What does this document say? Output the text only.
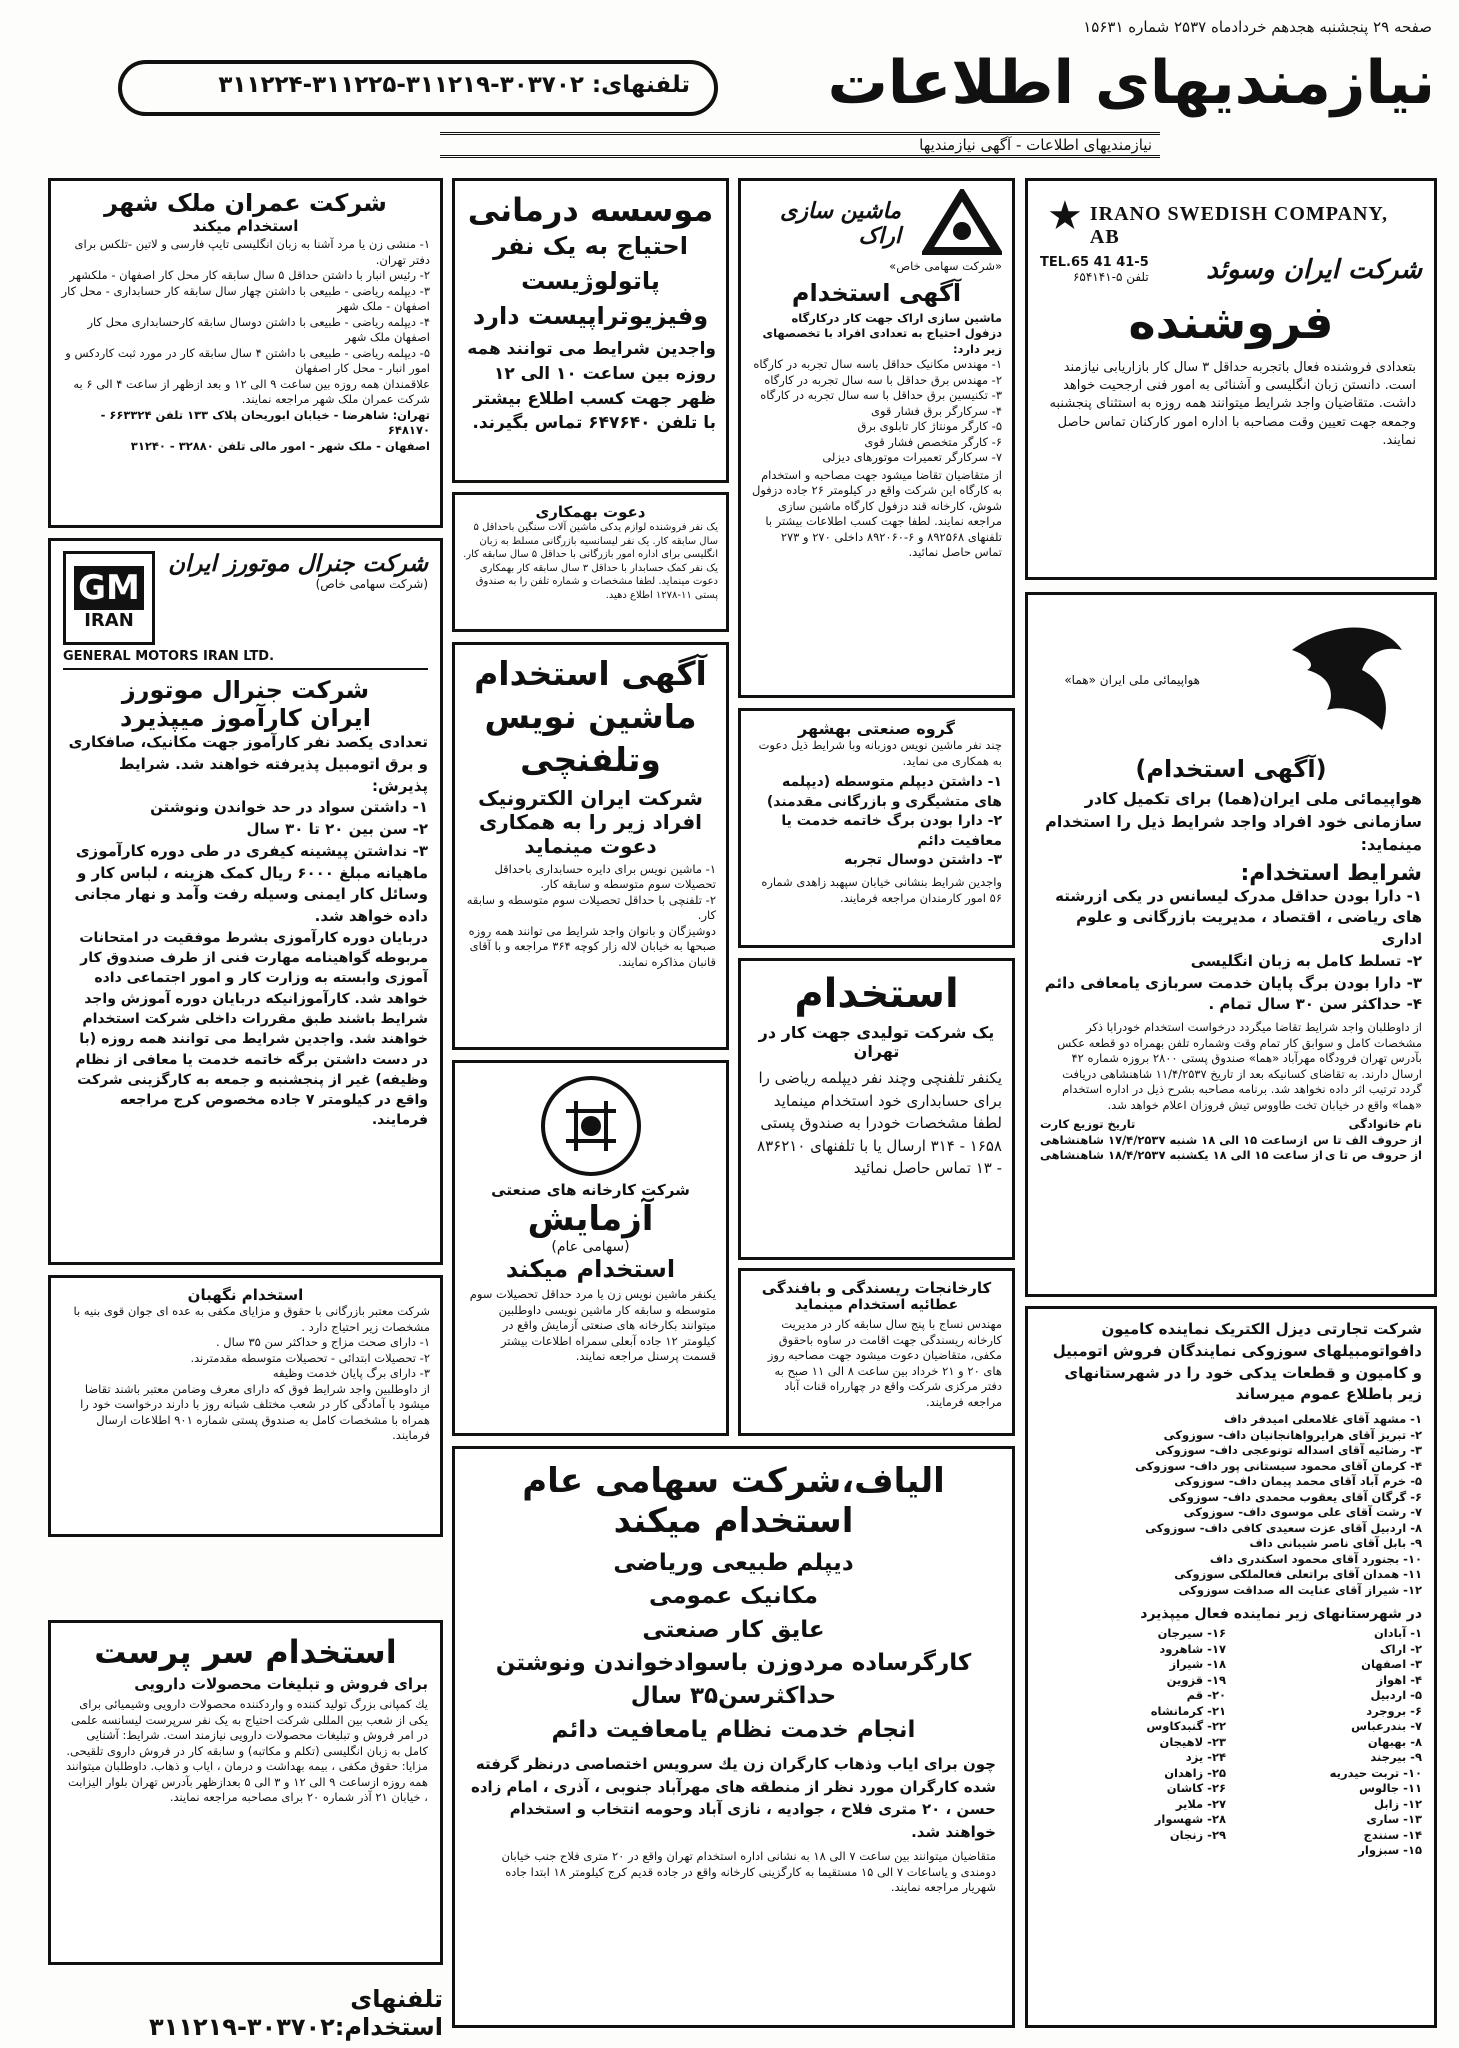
صفحه ۲۹ پنجشنبه هجدهم خردادماه ۲۵۳۷ شماره ۱۵۶۳۱
نیازمندیهای اطلاعات
تلفنهای: ۳۰۳۷۰۲-۳۱۱۲۱۹-۳۱۱۲۲۵-۳۱۱۲۲۴
نیازمندیهای اطلاعات - آگهی نیازمندیها
★ IRANO SWEDISH COMPANY, AB
TEL.65 41 41-5
تلفن ۵-۶۵۴۱۴۱ شرکت ایران وسوئد
فروشنده
بتعدادی فروشنده فعال باتجربه حداقل ۳ سال کار بازاریابی نیازمند است. دانستن زبان انگلیسی و آشنائی به امور فنی ارجحیت خواهد داشت. متقاضیان واجد شرایط میتوانند همه روزه به استثنای پنجشنبه وجمعه جهت تعیین وقت مصاحبه با اداره امور کارکنان تماس حاصل نمایند.
هواپیمائی ملی ایران «هما»
(آگهی استخدام)
هواپیمائی ملی ایران(هما) برای تکمیل کادر سازمانی خود افراد واجد شرایط ذیل را استخدام مینماید:
شرایط استخدام:
۱- دارا بودن حداقل مدرک لیسانس در یکی ازرشته های ریاضی ، اقتصاد ، مدیریت بازرگانی و علوم اداری
۲- تسلط کامل به زبان انگلیسی
۳- دارا بودن برگ پایان خدمت سربازی یامعافی دائم
۴- حداکثر سن ۳۰ سال تمام .
از داوطلبان واجد شرایط تقاضا میگردد درخواست استخدام خودرابا ذکر مشخصات کامل و سوابق کار تمام وقت وشماره تلفن بهمراه دو قطعه عکس بآدرس تهران فرودگاه مهرآباد «هما» صندوق پستی ۲۸۰۰ بروزه شماره ۴۲ ارسال دارند. به تقاضای کسانیکه بعد از تاریخ ۱۱/۴/۲۵۳۷ شاهنشاهی دریافت گردد ترتیب اثر داده نخواهد شد. برنامه مصاحبه بشرح ذیل در اداره استخدام «هما» واقع در خیابان تخت طاووس تیش فروزان اعلام خواهد شد.
نام خانوادگی
تاریخ توزیع کارت
از حروف الف تا س
ازساعت ۱۵ الی ۱۸ شنبه ۱۷/۴/۲۵۳۷ شاهنشاهی
از حروف ص تا ی
از ساعت ۱۵ الی ۱۸ یکشنبه ۱۸/۴/۲۵۳۷ شاهنشاهی
شرکت تجارتی دیزل الکتریک نماینده کامیون دافواتومبیلهای سوزوکی نمایندگان فروش اتومبیل و کامیون و قطعات یدکی خود را در شهرستانهای زیر باطلاع عموم میرساند
۱- مشهد آقای غلامعلی امیدفر داف
۲- تبریز آقای هرایرواهانجانیان داف- سوزوکی
۳- رضائیه آقای اسداله تونوعجی داف- سوزوکی
۴- کرمان آقای محمود سیستانی پور داف- سوزوکی
۵- خرم آباد آقای محمد پیمان داف- سوزوکی
۶- گرگان آقای یعقوب محمدی داف- سوزوکی
۷- رشت آقای علی موسوی داف- سوزوکی
۸- اردبیل آقای عزت سعیدی کافی داف- سوزوکی
۹- بابل آقای ناصر شیبانی داف
۱۰- بجنورد آقای محمود اسکندری داف
۱۱- همدان آقای براتعلی فعالملکی سوزوکی
۱۲- شیراز آقای عنایت اله صداقت سوزوکی
در شهرستانهای زیر نماینده فعال میپذیرد
۱- آبادان
۲- اراک
۳- اصفهان
۴- اهواز
۵- اردبیل
۶- بروجرد
۷- بندرعباس
۸- بهبهان
۹- بیرجند
۱۰- تربت حیدریه
۱۱- جالوس
۱۲- زابل
۱۳- ساری
۱۴- سنندج
۱۵- سبزوار
۱۶- سیرجان
۱۷- شاهرود
۱۸- شیراز
۱۹- قزوین
۲۰- قم
۲۱- کرمانشاه
۲۲- گنبدکاوس
۲۳- لاهیجان
۲۴- یزد
۲۵- زاهدان
۲۶- کاشان
۲۷- ملایر
۲۸- شهسوار
۲۹- زنجان
ماشین سازی اراک
«شرکت سهامی خاص»
آگهی استخدام
ماشین سازی اراک جهت کار درکارگاه دزفول احتیاج به تعدادی افراد با تخصصهای زیر دارد:
۱- مهندس مکانیک حداقل باسه سال تجربه در کارگاه
۲- مهندس برق حداقل با سه سال تجربه در کارگاه
۳- تکنیسین برق حداقل با سه سال تجربه در کارگاه
۴- سرکارگر برق فشار قوی
۵- کارگر مونتاژ کار تابلوی برق
۶- کارگر متخصص فشار قوی
۷- سرکارگر تعمیرات موتورهای دیزلی
از متقاضیان تقاضا میشود جهت مصاحبه و استخدام به کارگاه این شرکت واقع در کیلومتر ۲۶ جاده دزفول شوش، کارخانه قند دزفول کارگاه ماشین سازی مراجعه نمایند. لطفا جهت کسب اطلاعات بیشتر با تلفنهای ۸۹۲۵۶۸ و ۶-۸۹۲۰۶۰ داخلی ۲۷۰ و ۲۷۳ تماس حاصل نمائید.
گروه صنعتی بهشهر
چند نفر ماشین نویس دوزبانه وبا شرایط ذیل دعوت به همکاری می نماید.
۱- داشتن دیپلم متوسطه (دیپلمه های متشیگری و بازرگانی مقدمند)
۲- دارا بودن برگ خاتمه خدمت یا معافیت دائم
۳- داشتن دوسال تجربه
واجدین شرایط بنشانی خیابان سپهبد زاهدی شماره ۵۶ امور کارمندان مراجعه فرمایند.
استخدام
یک شرکت تولیدی جهت کار در تهران
یکنفر تلفنچی وچند نفر دیپلمه ریاضی را برای حسابداری خود استخدام مینماید لطفا مشخصات خودرا به صندوق پستی ۱۶۵۸ - ۳۱۴ ارسال یا با تلفنهای ۸۳۶۲۱۰ - ۱۳ تماس حاصل نمائید
کارخانجات ریسندگی و بافندگی
عطائیه استخدام مینماید
مهندس نساج با پنج سال سابقه کار در مدیریت کارخانه ریسندگی جهت اقامت در ساوه باحقوق مکفی، متقاضیان دعوت میشود جهت مصاحبه روز های ۲۰ و ۲۱ خرداد بین ساعت ۸ الی ۱۱ صبح به دفتر مرکزی شرکت واقع در چهارراه قنات آباد مراجعه فرمایند.
موسسه درمانی
احتیاج به یک نفر
پاتولوژیست
وفیزیوتراپیست دارد
واجدین شرایط می توانند همه روزه بین ساعت ۱۰ الی ۱۲ ظهر جهت کسب اطلاع بیشتر با تلفن ۶۴۷۶۴۰ تماس بگیرند.
دعوت بهمکاری
یک نفر فروشنده لوازم یدکی ماشین آلات سنگین باحداقل ۵ سال سابقه کار. یک نفر لیسانسیه بازرگانی مسلط به زبان انگلیسی برای اداره امور بازرگانی با حداقل ۵ سال سابقه کار. یک نفر کمک حسابدار با حداقل ۳ سال سابقه کار بهمکاری دعوت مینماید. لطفا مشخصات و شماره تلفن را به صندوق پستی ۱۱-۱۲۷۸ اطلاع دهید.
آگهی استخدام
ماشین نویس
وتلفنچی
شرکت ایران الکترونیک
افراد زیر را به همکاری
دعوت مینماید
۱- ماشین نویس برای دایره حسابداری باحداقل تحصیلات سوم متوسطه و سابقه کار.
۲- تلفنچی با حداقل تحصیلات سوم متوسطه و سابقه کار.
دوشیزگان و بانوان واجد شرایط می توانند همه روزه صبحها به خیابان لاله زار کوچه ۳۶۴ مراجعه و با آقای قانبان مذاکره نمایند.
شرکت کارخانه های صنعتی
آزمایش
(سهامی عام)
استخدام میکند
یکنفر ماشین نویس زن یا مرد حداقل تحصیلات سوم متوسطه و سابقه کار ماشین نویسی داوطلبین میتوانند بکارخانه های صنعتی آزمایش واقع در کیلومتر ۱۲ جاده آبعلی سمراه اطلاعات بیشتر قسمت پرسنل مراجعه نمایند.
الیاف،شرکت سهامی عام
استخدام میکند
دیپلم طبیعی وریاضی
مکانیک عمومی
عایق کار صنعتی
کارگرساده مردوزن باسوادخواندن ونوشتن
حداکثرسن۳۵ سال
انجام خدمت نظام یامعافیت دائم
چون برای ایاب وذهاب کارگران زن یك سرویس اختصاصی درنظر گرفته شده کارگران مورد نظر از منطقه های مهرآباد جنوبی ، آذری ، امام زاده حسن ، ۲۰ متری فلاح ، جوادیه ، نازی آباد وحومه انتخاب و استخدام خواهند شد.
متقاضیان میتوانند بین ساعت ۷ الی ۱۸ به نشانی اداره استخدام تهران واقع در ۲۰ متری فلاح جنب خیابان دومندی و یاساعات ۷ الی ۱۵ مستقیما به کارگزینی کارخانه واقع در جاده قدیم کرج کیلومتر ۱۸ ابتدا جاده شهریار مراجعه نمایند.
شرکت عمران ملک شهر
استخدام میکند
۱- منشی زن یا مرد آشنا به زبان انگلیسی تایپ فارسی و لاتین -تلکس برای دفتر تهران.
۲- رئیس انبار با داشتن حداقل ۵ سال سابقه کار محل کار اصفهان - ملکشهر
۳- دیپلمه ریاضی - طبیعی با داشتن چهار سال سابقه کار حسابداری - محل کار اصفهان - ملک شهر
۴- دیپلمه ریاضی - طبیعی با داشتن دوسال سابقه کارحسابداری محل کار اصفهان ملک شهر
۵- دیپلمه ریاضی - طبیعی با داشتن ۴ سال سابقه کار در مورد ثبت کاردکس و امور انبار - محل کار اصفهان
علاقمندان همه روزه بین ساعت ۹ الی ۱۲ و بعد ازظهر از ساعت ۴ الی ۶ به شرکت عمران ملک شهر مراجعه نمایند.
تهران: شاهرضا - خیابان ابوریحان پلاک ۱۳۳ تلفن ۶۶۳۳۲۴ - ۶۴۸۱۷۰
اصفهان - ملک شهر - امور مالی تلفن ۳۲۸۸۰ - ۳۱۲۴۰
GM
IRAN
شرکت جنرال موتورز ایران
(شرکت سهامی خاص)
GENERAL MOTORS IRAN LTD.
شرکت جنرال موتورز
ایران کارآموز میپذیرد
تعدادی یکصد نفر کارآموز جهت مکانیک، صافکاری و برق اتومبیل پذیرفته خواهند شد. شرایط پذیرش:
۱- داشتن سواد در حد خواندن ونوشتن
۲- سن بین ۲۰ تا ۳۰ سال
۳- نداشتن پیشینه کیفری در طی دوره کارآموزی ماهیانه مبلغ ۶۰۰۰ ریال کمک هزینه ، لباس کار و وسائل کار ایمنی وسیله رفت وآمد و نهار مجانی داده خواهد شد.
دربایان دوره کارآموزی بشرط موفقیت در امتحانات مربوطه گواهینامه مهارت فنی از طرف صندوق کار آموزی وابسته به وزارت کار و امور اجتماعی داده خواهد شد. کارآموزانیکه دربایان دوره آموزش واجد شرایط باشند طبق مقررات داخلی شرکت استخدام خواهند شد. واجدین شرایط می توانند همه روزه (با در دست داشتن برگه خاتمه خدمت یا معافی از نظام وظیفه) غیر از پنجشنبه و جمعه به کارگزینی شرکت واقع در کیلومتر ۷ جاده مخصوص کرج مراجعه فرمایند.
استخدام نگهبان
شرکت معتبر بازرگانی با حقوق و مزایای مکفی به عده ای جوان قوی بنیه با مشخصات زیر احتیاج دارد .
۱- دارای صحت مزاج و حداکثر سن ۳۵ سال .
۲- تحصیلات ابتدائی - تحصیلات متوسطه مقدمترند.
۳- دارای برگ پایان خدمت وظیفه
از داوطلبین واجد شرایط فوق که دارای معرف وضامن معتبر باشند تقاضا میشود با آمادگی کار در شعب مختلف شبانه روز با دارند درخواست خود را همراه با مشخصات کامل به صندوق پستی شماره ۹۰۱ اطلاعات ارسال فرمایند.
استخدام سر پرست
برای فروش و تبلیغات محصولات دارویی
یك کمپانی بزرگ تولید کننده و واردکننده محصولات دارویی وشیمیائی برای یکی از شعب بین المللی شرکت احتیاج به یک نفر سرپرست لیسانسه علمی در امر فروش و تبلیغات محصولات دارویی نیازمند است. شرایط: آشنایی کامل به زبان انگلیسی (تکلم و مکاتبه) و سابقه کار در فروش داروی تلقیحی. مزایا: حقوق مکفی ، بیمه بهداشت و درمان ، ایاب و ذهاب. داوطلبان میتوانند همه روزه ازساعت ۹ الی ۱۲ و ۳ الی ۵ بعدازظهر بآدرس تهران بلوار الیزابت ، خیابان ۲۱ آذر شماره ۲۰ برای مصاحبه مراجعه نمایند.
تلفنهای استخدام:۳۰۳۷۰۲-۳۱۱۲۱۹
